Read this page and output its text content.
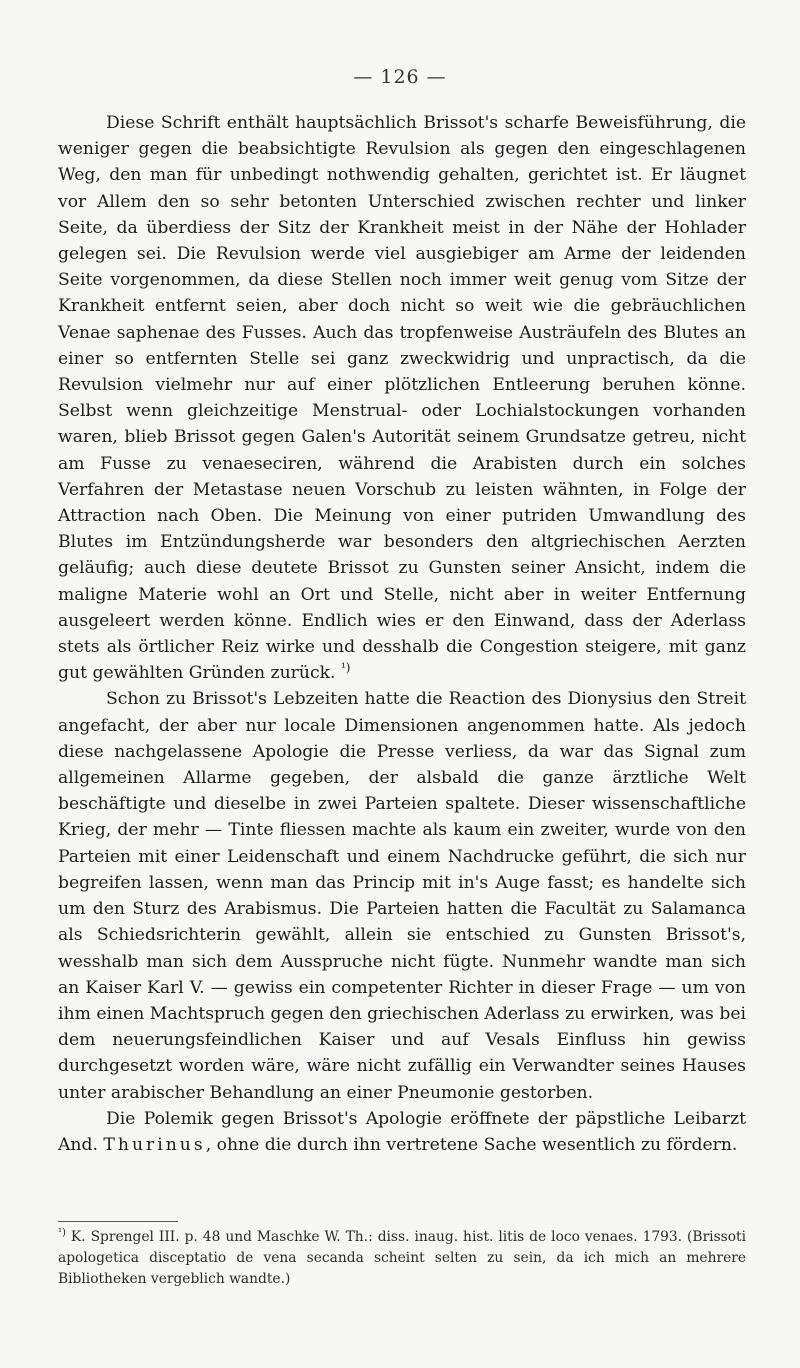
— 126 —

Diese Schrift enthält hauptsächlich Brissot's scharfe Beweisführung, die weniger gegen die beabsichtigte Revulsion als gegen den eingeschlagenen Weg, den man für unbedingt nothwendig gehalten, gerichtet ist. Er läugnet vor Allem den so sehr betonten Unterschied zwischen rechter und linker Seite, da überdiess der Sitz der Krankheit meist in der Nähe der Hohlader gelegen sei. Die Revulsion werde viel ausgiebiger am Arme der leidenden Seite vorgenommen, da diese Stellen noch immer weit genug vom Sitze der Krankheit entfernt seien, aber doch nicht so weit wie die gebräuchlichen Venae saphenae des Fusses. Auch das tropfenweise Austräufeln des Blutes an einer so entfernten Stelle sei ganz zweckwidrig und unpractisch, da die Revulsion vielmehr nur auf einer plötzlichen Entleerung beruhen könne. Selbst wenn gleichzeitige Menstrual- oder Lochialstockungen vorhanden waren, blieb Brissot gegen Galen's Autorität seinem Grundsatze getreu, nicht am Fusse zu venaeseciren, während die Arabisten durch ein solches Verfahren der Metastase neuen Vorschub zu leisten wähnten, in Folge der Attraction nach Oben. Die Meinung von einer putriden Umwandlung des Blutes im Entzündungsherde war besonders den altgriechischen Aerzten geläufig; auch diese deutete Brissot zu Gunsten seiner Ansicht, indem die maligne Materie wohl an Ort und Stelle, nicht aber in weiter Entfernung ausgeleert werden könne. Endlich wies er den Einwand, dass der Aderlass stets als örtlicher Reiz wirke und desshalb die Congestion steigere, mit ganz gut gewählten Gründen zurück. $^{^1)}$

Schon zu Brissot's Lebzeiten hatte die Reaction des Dionysius den Streit angefacht, der aber nur locale Dimensionen angenommen hatte. Als jedoch diese nachgelassene Apologie die Presse verliess, da war das Signal zum allgemeinen Allarme gegeben, der alsbald die ganze ärztliche Welt beschäftigte und dieselbe in zwei Parteien spaltete. Dieser wissenschaftliche Krieg, der mehr — Tinte fliessen machte als kaum ein zweiter, wurde von den Parteien mit einer Leidenschaft und einem Nachdrucke geführt, die sich nur begreifen lassen, wenn man das Princip mit in's Auge fasst; es handelte sich um den Sturz des Arabismus. Die Parteien hatten die Facultät zu Salamanca als Schiedsrichterin gewählt, allein sie entschied zu Gunsten Brissot's, wesshalb man sich dem Ausspruche nicht fügte. Nunmehr wandte man sich an Kaiser Karl V. — gewiss ein competenter Richter in dieser Frage — um von ihm einen Machtspruch gegen den griechischen Aderlass zu erwirken, was bei dem neuerungsfeindlichen Kaiser und auf Vesals Einfluss hin gewiss durchgesetzt worden wäre, wäre nicht zufällig ein Verwandter seines Hauses unter arabischer Behandlung an einer Pneumonie gestorben.

Die Polemik gegen Brissot's Apologie eröffnete der päpstliche Leibarzt And. Thurinus, ohne die durch ihn vertretene Sache wesentlich zu fördern.

$^{^1)}$ K. Sprengel III. p. 48 und Maschke W. Th.: diss. inaug. hist. litis de loco venaes. 1793. (Brissoti apologetica disceptatio de vena secanda scheint selten zu sein, da ich mich an mehrere Bibliotheken vergeblich wandte.)
